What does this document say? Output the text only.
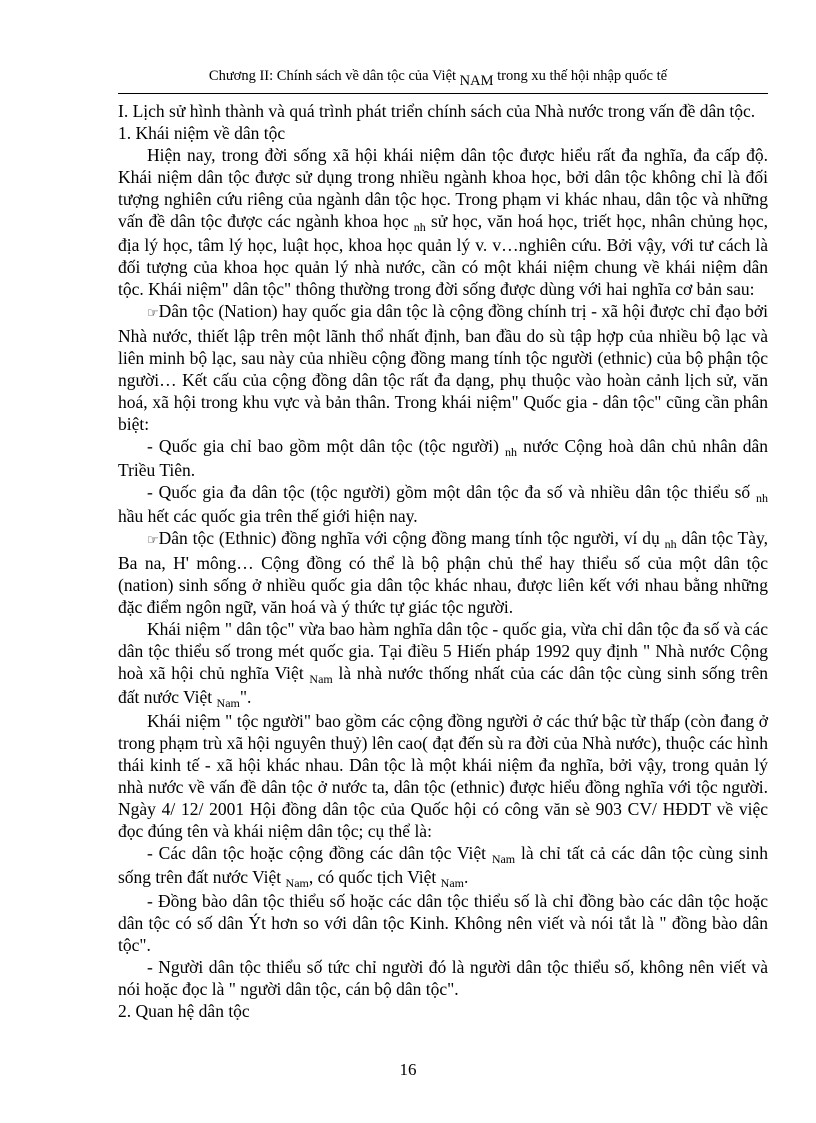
Chương II: Chính sách về dân tộc của Việt NAM trong xu thế hội nhập quốc tế

I. Lịch sử hình thành và quá trình phát triển chính sách của Nhà nước trong vấn đề dân tộc.

1. Khái niệm về dân tộc

Hiện nay, trong đời sống xã hội khái niệm dân tộc được hiểu rất đa nghĩa, đa cấp độ. Khái niệm dân tộc được sử dụng trong nhiều ngành khoa học, bởi dân tộc không chỉ là đối tượng nghiên cứu riêng của ngành dân tộc học. Trong phạm vi khác nhau, dân tộc và những vấn đề dân tộc được các ngành khoa học $_{nh}$ sử học, văn hoá học, triết học, nhân chủng học, địa lý học, tâm lý học, luật học, khoa học quản lý v. v…nghiên cứu. Bởi vậy, với tư cách là đối tượng của khoa học quản lý nhà nước, cần có một khái niệm chung về khái niệm dân tộc. Khái niệm" dân tộc" thông thường trong đời sống được dùng với hai nghĩa cơ bản sau:

☞Dân tộc (Nation) hay quốc gia dân tộc là cộng đồng chính trị - xã hội được chỉ đạo bởi Nhà nước, thiết lập trên một lãnh thổ nhất định, ban đầu do sù tập hợp của nhiều bộ lạc và liên minh bộ lạc, sau này của nhiều cộng đồng mang tính tộc người (ethnic) của bộ phận tộc người… Kết cấu của cộng đồng dân tộc rất đa dạng, phụ thuộc vào hoàn cảnh lịch sử, văn hoá, xã hội trong khu vực và bản thân. Trong khái niệm" Quốc gia - dân tộc" cũng cần phân biệt:

- Quốc gia chỉ bao gồm một dân tộc (tộc người) $_{nh}$ nước Cộng hoà dân chủ nhân dân Triều Tiên.

- Quốc gia đa dân tộc (tộc người) gồm một dân tộc đa số và nhiều dân tộc thiểu số $_{nh}$ hầu hết các quốc gia trên thế giới hiện nay.

☞Dân tộc (Ethnic) đồng nghĩa với cộng đồng mang tính tộc người, ví dụ $_{nh}$ dân tộc Tày, Ba na, H' mông… Cộng đồng có thể là bộ phận chủ thể hay thiểu số của một dân tộc (nation) sinh sống ở nhiều quốc gia dân tộc khác nhau, được liên kết với nhau bằng những đặc điểm ngôn ngữ, văn hoá và ý thức tự giác tộc người.

Khái niệm " dân tộc" vừa bao hàm nghĩa dân tộc - quốc gia, vừa chỉ dân tộc đa số và các dân tộc thiểu số trong mét quốc gia. Tại điều 5 Hiến pháp 1992 quy định " Nhà nước Cộng hoà xã hội chủ nghĩa Việt $_{Nam}$ là nhà nước thống nhất của các dân tộc cùng sinh sống trên đất nước Việt $_{Nam}$".

Khái niệm " tộc người" bao gồm các cộng đồng người ở các thứ bậc từ thấp (còn đang ở trong phạm trù xã hội nguyên thuỷ) lên cao( đạt đến sù ra đời của Nhà nước), thuộc các hình thái kinh tế - xã hội khác nhau. Dân tộc là một khái niệm đa nghĩa, bởi vậy, trong quản lý nhà nước về vấn đề dân tộc ở nước ta, dân tộc (ethnic) được hiểu đồng nghĩa với tộc người. Ngày 4/ 12/ 2001 Hội đồng dân tộc của Quốc hội có công văn sè 903 CV/ HĐDT về việc đọc đúng tên và khái niệm dân tộc; cụ thể là:

- Các dân tộc hoặc cộng đồng các dân tộc Việt $_{Nam}$ là chỉ tất cả các dân tộc cùng sinh sống trên đất nước Việt $_{Nam}$, có quốc tịch Việt $_{Nam}$.

- Đồng bào dân tộc thiểu số hoặc các dân tộc thiểu số là chỉ đồng bào các dân tộc hoặc dân tộc có số dân Ýt hơn so với dân tộc Kinh. Không nên viết và nói tắt là " đồng bào dân tộc".

- Người dân tộc thiểu số tức chỉ người đó là người dân tộc thiểu số, không nên viết và nói hoặc đọc là " người dân tộc, cán bộ dân tộc".

2. Quan hệ dân tộc

16
